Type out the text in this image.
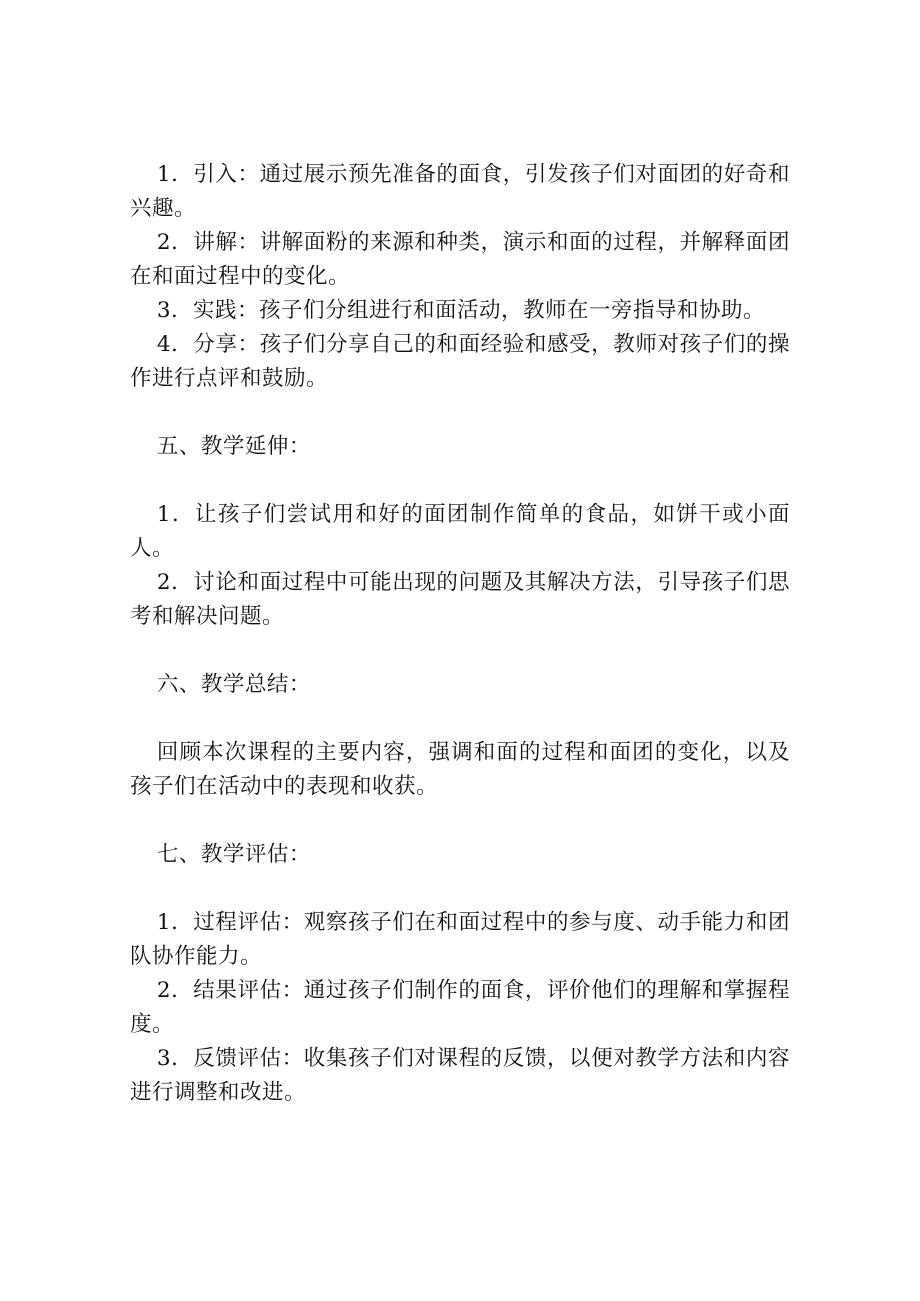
1．引入：通过展示预先准备的面食，引发孩子们对面团的好奇和兴趣。

2．讲解：讲解面粉的来源和种类，演示和面的过程，并解释面团在和面过程中的变化。

3．实践：孩子们分组进行和面活动，教师在一旁指导和协助。

4．分享：孩子们分享自己的和面经验和感受，教师对孩子们的操作进行点评和鼓励。

五、教学延伸：

1．让孩子们尝试用和好的面团制作简单的食品，如饼干或小面人。

2．讨论和面过程中可能出现的问题及其解决方法，引导孩子们思考和解决问题。

六、教学总结：

回顾本次课程的主要内容，强调和面的过程和面团的变化，以及孩子们在活动中的表现和收获。

七、教学评估：

1．过程评估：观察孩子们在和面过程中的参与度、动手能力和团队协作能力。

2．结果评估：通过孩子们制作的面食，评价他们的理解和掌握程度。

3．反馈评估：收集孩子们对课程的反馈，以便对教学方法和内容进行调整和改进。
